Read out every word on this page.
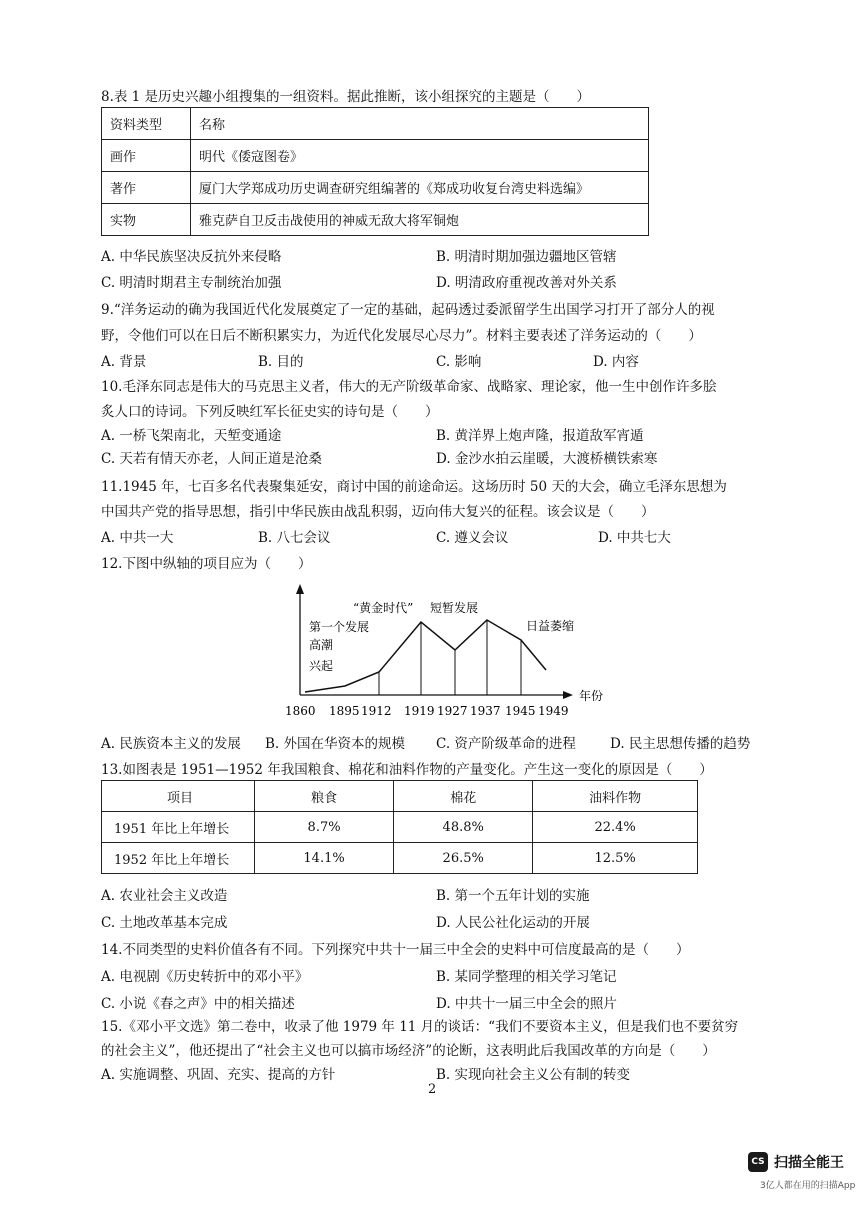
8.表 1 是历史兴趣小组搜集的一组资料。据此推断，该小组探究的主题是（　　）
资料类型	名称
画作	明代《倭寇图卷》
著作	厦门大学郑成功历史调查研究组编著的《郑成功收复台湾史料选编》
实物	雅克萨自卫反击战使用的神威无敌大将军铜炮
A. 中华民族坚决反抗外来侵略	B. 明清时期加强边疆地区管辖
C. 明清时期君主专制统治加强	D. 明清政府重视改善对外关系
9.“洋务运动的确为我国近代化发展奠定了一定的基础，起码透过委派留学生出国学习打开了部分人的视
野，令他们可以在日后不断积累实力，为近代化发展尽心尽力”。材料主要表述了洋务运动的（　　）
A. 背景	B. 目的	C. 影响	D. 内容
10.毛泽东同志是伟大的马克思主义者，伟大的无产阶级革命家、战略家、理论家，他一生中创作许多脍
炙人口的诗词。下列反映红军长征史实的诗句是（　　）
A. 一桥飞架南北，天堑变通途	B. 黄洋界上炮声隆，报道敌军宵遁
C. 天若有情天亦老，人间正道是沧桑	D. 金沙水拍云崖暖，大渡桥横铁索寒
11.1945 年，七百多名代表聚集延安，商讨中国的前途命运。这场历时 50 天的大会，确立毛泽东思想为
中国共产党的指导思想，指引中华民族由战乱积弱，迈向伟大复兴的征程。该会议是（　　）
A. 中共一大	B. 八七会议	C. 遵义会议	D. 中共七大
12.下图中纵轴的项目应为（　　）
“黄金时代” 短暂发展
第一个发展
高潮
兴起
日益萎缩
年份
1860 1895 1912 1919 1927 1937 1945 1949
A. 民族资本主义的发展 B. 外国在华资本的规模 C. 资产阶级革命的进程	D. 民主思想传播的趋势
13.如图表是 1951—1952 年我国粮食、棉花和油料作物的产量变化。产生这一变化的原因是（　　）
项目	粮食	棉花	油料作物
1951 年比上年增长	8.7%	48.8%	22.4%
1952 年比上年增长	14.1%	26.5%	12.5%
A. 农业社会主义改造	B. 第一个五年计划的实施
C. 土地改革基本完成	D. 人民公社化运动的开展
14.不同类型的史料价值各有不同。下列探究中共十一届三中全会的史料中可信度最高的是（　　）
A. 电视剧《历史转折中的邓小平》	B. 某同学整理的相关学习笔记
C. 小说《春之声》中的相关描述	D. 中共十一届三中全会的照片
15.《邓小平文选》第二卷中，收录了他 1979 年 11 月的谈话：“我们不要资本主义，但是我们也不要贫穷
的社会主义”，他还提出了“社会主义也可以搞市场经济”的论断，这表明此后我国改革的方向是（　　）
A. 实施调整、巩固、充实、提高的方针	B. 实现向社会主义公有制的转变
2
CS 扫描全能王
3亿人都在用的扫描App
